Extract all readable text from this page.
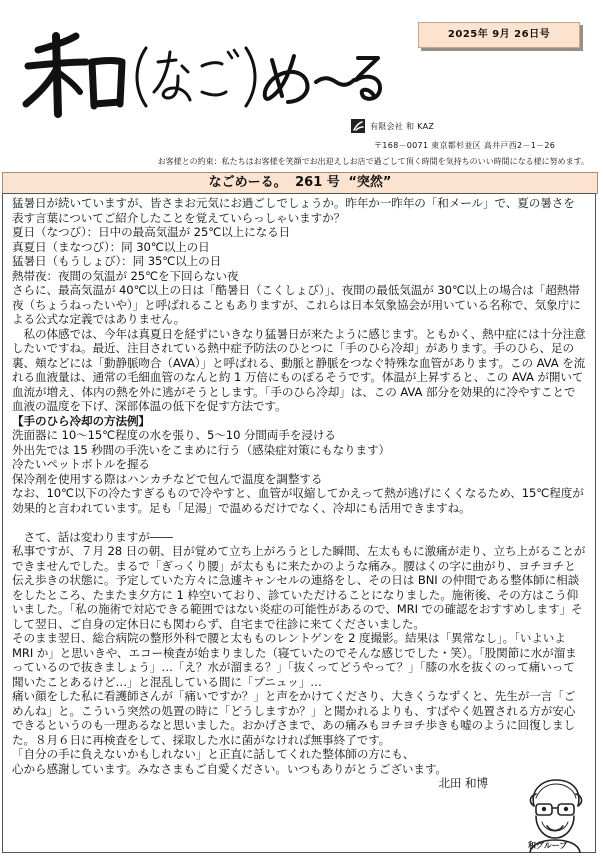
2025年 9月 26日号
有限会社 和 KAZ
〒168－0071 東京都杉並区 高井戸西2－1－26
お客様との約束：私たちはお客様を笑顔でお出迎えしお店で過ごして頂く時間を気持ちのいい時間になる様に努めます。
なごめーる。 261 号 “突然”

猛暑日が続いていますが、皆さまお元気にお過ごしでしょうか。昨年か一昨年の「和メール」で、夏の暑さを表す言葉についてご紹介したことを覚えていらっしゃいますか？

夏日（なつび）：日中の最高気温が 25℃以上になる日

真夏日（まなつび）：同 30℃以上の日

猛暑日（もうしょび）：同 35℃以上の日

熱帯夜：夜間の気温が 25℃を下回らない夜

さらに、最高気温が 40℃以上の日は「酷暑日（こくしょび）」、夜間の最低気温が 30℃以上の場合は「超熱帯夜（ちょうねったいや）」と呼ばれることもありますが、これらは日本気象協会が用いている名称で、気象庁による公式な定義ではありません。

　私の体感では、今年は真夏日を経ずにいきなり猛暑日が来たように感じます。ともかく、熱中症には十分注意したいですね。最近、注目されている熱中症予防法のひとつに「手のひら冷却」があります。手のひら、足の裏、頬などには「動静脈吻合（AVA）」と呼ばれる、動脈と静脈をつなぐ特殊な血管があります。この AVA を流れる血液量は、通常の毛細血管のなんと約 1 万倍にものぼるそうです。体温が上昇すると、この AVA が開いて血流が増え、体内の熱を外に逃がそうとします。「手のひら冷却」は、この AVA 部分を効果的に冷やすことで血液の温度を下げ、深部体温の低下を促す方法です。

【手のひら冷却の方法例】

洗面器に 10～15℃程度の水を張り、5～10 分間両手を浸ける

外出先では 15 秒間の手洗いをこまめに行う（感染症対策にもなります）

冷たいペットボトルを握る

保冷剤を使用する際はハンカチなどで包んで温度を調整する

なお、10℃以下の冷たすぎるもので冷やすと、血管が収縮してかえって熱が逃げにくくなるため、15℃程度が効果的と言われています。足も「足湯」で温めるだけでなく、冷却にも活用できますね。

　さて、話は変わりますが――

私事ですが、７月 28 日の朝、目が覚めて立ち上がろうとした瞬間、左太ももに激痛が走り、立ち上がることができませんでした。まるで「ぎっくり腰」が太ももに来たかのような痛み。腰はくの字に曲がり、ヨチヨチと伝え歩きの状態に。予定していた方々に急遽キャンセルの連絡をし、その日は BNI の仲間である整体師に相談をしたところ、たまたま夕方に 1 枠空いており、診ていただけることになりました。施術後、その方はこう仰いました。「私の施術で対応できる範囲ではない炎症の可能性があるので、MRI での確認をおすすめします」そして翌日、ご自身の定休日にも関わらず、自宅まで往診に来てくださいました。

そのまま翌日、総合病院の整形外科で腰と太もものレントゲンを 2 度撮影。結果は「異常なし」。「いよいよ MRI か」と思いきや、エコー検査が始まりました（寝ていたのでそんな感じでした・笑）。「股関節に水が溜まっているので抜きましょう」…「え？水が溜まる？」「抜くってどうやって？」「膝の水を抜くのって痛いって聞いたことあるけど…」と混乱している間に「プニュッ」…

痛い顔をした私に看護師さんが「痛いですか？」と声をかけてくださり、大きくうなずくと、先生が一言「ごめんね」と。こういう突然の処置の時に「どうしますか？」と聞かれるよりも、すばやく処置される方が安心できるというのも一理あるなと思いました。おかげさまで、あの痛みもヨチヨチ歩きも嘘のように回復しました。８月６日に再検査をして、採取した水に菌がなければ無事終了です。

「自分の手に負えないかもしれない」と正直に話してくれた整体師の方にも、

心から感謝しています。みなさまもご自愛ください。いつもありがとうございます。

北田 和博

和グループ
